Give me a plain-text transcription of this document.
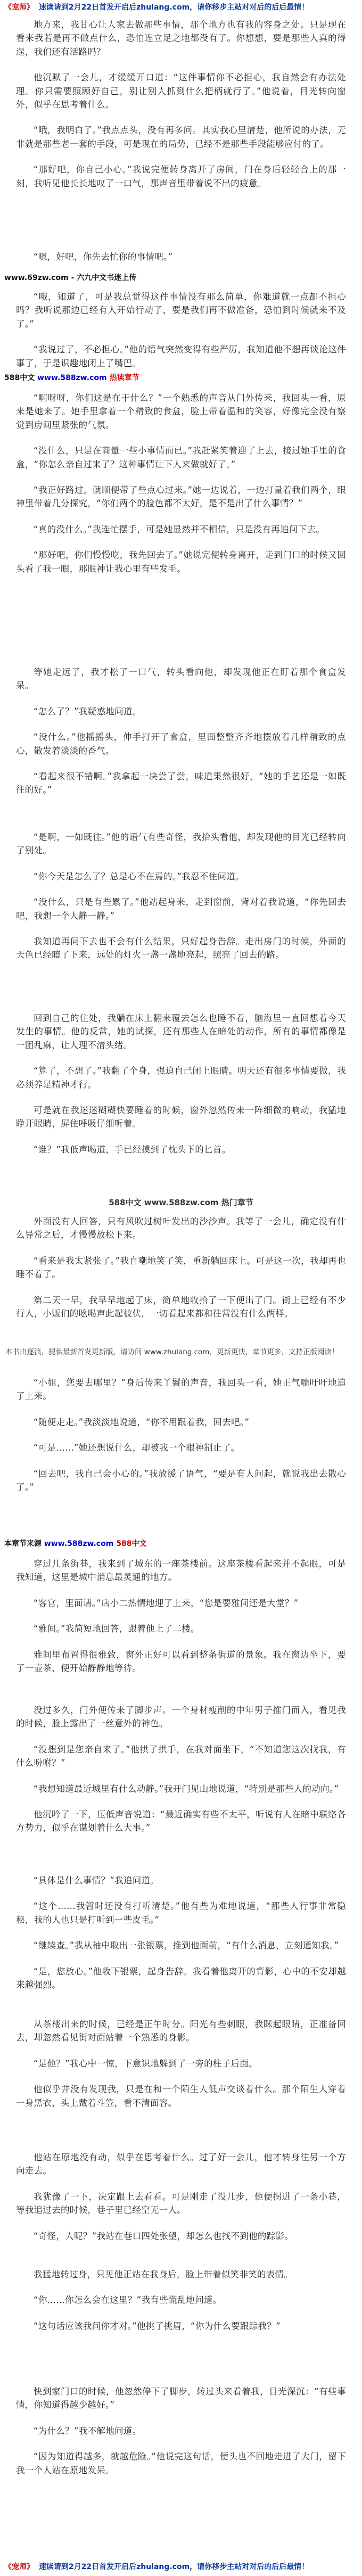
《宠师》 速读请到2月22日首发开启后zhulang.com，请你移步主站对对后的后后最情！

地方来，我甘心让人家去做那些事情，那个地方也有我的容身之处。只是现在看来我若是再不做点什么，恐怕连立足之地都没有了。你想想，要是那些人真的得逞，我们还有活路吗？

他沉默了一会儿，才缓缓开口道：“这件事情你不必担心，我自然会有办法处理。你只需要照顾好自己，别让别人抓到什么把柄就行了。”他说着，目光转向窗外，似乎在思考着什么。

“哦，我明白了。”我点点头，没有再多问。其实我心里清楚，他所说的办法，无非就是那些老一套的手段，可是现在的局势，已经不是那些手段能够应付的了。

“那好吧，你自己小心。”我说完便转身离开了房间，门在身后轻轻合上的那一刻，我听见他长长地叹了一口气，那声音里带着说不出的疲惫。

“嗯，好吧，你先去忙你的事情吧。”

www.69zw.com - 六九中文书迷上传

“哦，知道了，可是我总觉得这件事情没有那么简单，你难道就一点都不担心吗？我听说那边已经有人开始行动了，要是我们再不做准备，恐怕到时候就来不及了。”

“我说过了，不必担心。”他的语气突然变得有些严厉，我知道他不想再谈论这件事了，于是识趣地闭上了嘴巴。

588中文 www.588zw.com 热读章节

“啊呀呀，你们这是在干什么？”一个熟悉的声音从门外传来，我回头一看，原来是她来了。她手里拿着一个精致的食盒，脸上带着温和的笑容，好像完全没有察觉到房间里紧张的气氛。

“没什么，只是在商量一些小事情而已。”我赶紧笑着迎了上去，接过她手里的食盒，“你怎么亲自过来了？这种事情让下人来做就好了。”

“我正好路过，就顺便带了些点心过来。”她一边说着，一边打量着我们两个，眼神里带着几分探究，“你们两个的脸色都不太好，是不是出了什么事情？”

“真的没什么。”我连忙摆手，可是她显然并不相信，只是没有再追问下去。

“那好吧，你们慢慢吃，我先回去了。”她说完便转身离开，走到门口的时候又回头看了我一眼，那眼神让我心里有些发毛。

等她走远了，我才松了一口气，转头看向他，却发现他正在盯着那个食盒发呆。

“怎么了？”我疑惑地问道。

“没什么。”他摇摇头，伸手打开了食盒，里面整整齐齐地摆放着几样精致的点心，散发着淡淡的香气。

“看起来很不错啊。”我拿起一块尝了尝，味道果然很好，“她的手艺还是一如既往的好。”

“是啊，一如既往。”他的语气有些奇怪，我抬头看他，却发现他的目光已经转向了别处。

“你今天是怎么了？总是心不在焉的。”我忍不住问道。

“没什么，只是有些累了。”他站起身来，走到窗前，背对着我说道，“你先回去吧，我想一个人静一静。”

我知道再问下去也不会有什么结果，只好起身告辞。走出房门的时候，外面的天色已经暗了下来，远处的灯火一盏一盏地亮起，照亮了回去的路。

回到自己的住处，我躺在床上翻来覆去怎么也睡不着，脑海里一直回想着今天发生的事情。他的反常，她的试探，还有那些人在暗处的动作，所有的事情都像是一团乱麻，让人理不清头绪。

“算了，不想了。”我翻了个身，强迫自己闭上眼睛。明天还有很多事情要做，我必须养足精神才行。

可是就在我迷迷糊糊快要睡着的时候，窗外忽然传来一阵细微的响动，我猛地睁开眼睛，屏住呼吸仔细听着。

“谁？”我低声喝道，手已经摸到了枕头下的匕首。

588中文 www.588zw.com 热门章节

外面没有人回答，只有风吹过树叶发出的沙沙声。我等了一会儿，确定没有什么异常之后，才慢慢放松下来。

“看来是我太紧张了。”我自嘲地笑了笑，重新躺回床上。可是这一次，我却再也睡不着了。

第二天一早，我早早地起了床，简单地收拾了一下便出了门。街上已经有不少行人，小贩们的吆喝声此起彼伏，一切看起来都和往常没有什么两样。

本书由逐浪，提供最新首发更新版，请访问 www.zhulang.com，更新更快，章节更多，支持正版阅读！

“小姐，您要去哪里？”身后传来丫鬟的声音，我回头一看，她正气喘吁吁地追了上来。

“随便走走。”我淡淡地说道，“你不用跟着我，回去吧。”

“可是……”她还想说什么，却被我一个眼神制止了。

“回去吧，我自己会小心的。”我放缓了语气，“要是有人问起，就说我出去散心了。”

本章节来源 www.588zw.com 588中文

穿过几条街巷，我来到了城东的一座茶楼前。这座茶楼看起来并不起眼，可是我知道，这里是城中消息最灵通的地方。

“客官，里面请。”店小二热情地迎了上来，“您是要雅间还是大堂？”

“雅间。”我简短地回答，跟着他上了二楼。

雅间里布置得很雅致，窗外正好可以看到整条街道的景象。我在窗边坐下，要了一壶茶，便开始静静地等待。

没过多久，门外便传来了脚步声。一个身材瘦削的中年男子推门而入，看见我的时候，脸上露出了一丝意外的神色。

“没想到是您亲自来了。”他拱了拱手，在我对面坐下，“不知道您这次找我，有什么吩咐？”

“我想知道最近城里有什么动静。”我开门见山地说道，“特别是那些人的动向。”

他沉吟了一下，压低声音说道：“最近确实有些不太平，听说有人在暗中联络各方势力，似乎在谋划着什么大事。”

“具体是什么事情？”我追问道。

“这个……我暂时还没有打听清楚。”他有些为难地说道，“那些人行事非常隐秘，我的人也只是打听到一些皮毛。”

“继续查。”我从袖中取出一张银票，推到他面前，“有什么消息，立刻通知我。”

“是，您放心。”他收下银票，起身告辞。我看着他离开的背影，心中的不安却越来越强烈。

从茶楼出来的时候，已经是正午时分。阳光有些刺眼，我眯起眼睛，正准备回去，却忽然看见街对面站着一个熟悉的身影。

“是他？”我心中一惊，下意识地躲到了一旁的柱子后面。

他似乎并没有发现我，只是在和一个陌生人低声交谈着什么。那个陌生人穿着一身黑衣，头上戴着斗笠，看不清面容。

他站在原地没有动，似乎在思考着什么。过了好一会儿，他才转身往另一个方向走去。

我犹豫了一下，决定跟上去看看。可是刚走了没几步，他便拐进了一条小巷，等我追过去的时候，巷子里已经空无一人。

“奇怪，人呢？”我站在巷口四处张望，却怎么也找不到他的踪影。

我猛地转过身，只见他正站在我身后，脸上带着似笑非笑的表情。

“你……你怎么会在这里？”我有些慌乱地问道。

“这句话应该我问你才对。”他挑了挑眉，“你为什么要跟踪我？”

快到家门口的时候，他忽然停下了脚步，转过头来看着我，目光深沉：“有些事情，你知道得越少越好。”

“为什么？”我不解地问道。

“因为知道得越多，就越危险。”他说完这句话，便头也不回地走进了大门，留下我一个人站在原地发呆。

《宠师》 速读请到2月22日首发开启后zhulang.com，请你移步主站对对后的后后最情！
